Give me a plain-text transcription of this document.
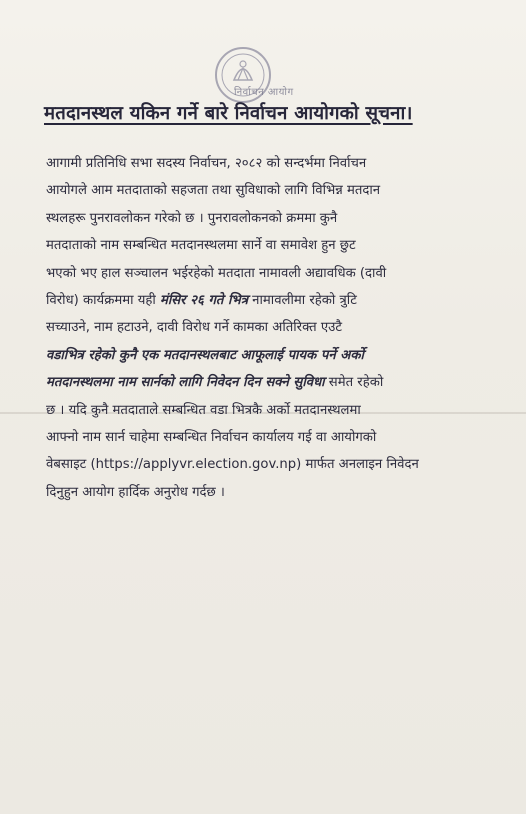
निर्वाचन आयोग
मतदानस्थल यकिन गर्ने बारे निर्वाचन आयोगको सूचना।
आगामी प्रतिनिधि सभा सदस्य निर्वाचन, २०८२ को सन्दर्भमा निर्वाचन
आयोगले आम मतदाताको सहजता तथा सुविधाको लागि विभिन्न मतदान
स्थलहरू पुनरावलोकन गरेको छ । पुनरावलोकनको क्रममा कुनै
मतदाताको नाम सम्बन्धित मतदानस्थलमा सार्ने वा समावेश हुन छुट
भएको भए हाल सञ्चालन भईरहेको मतदाता नामावली अद्यावधिक (दावी
विरोध) कार्यक्रममा यही मंसिर २६ गते भित्र नामावलीमा रहेको त्रुटि
सच्याउने, नाम हटाउने, दावी विरोध गर्ने कामका अतिरिक्त एउटै
वडाभित्र रहेको कुनै एक मतदानस्थलबाट आफूलाई पायक पर्ने अर्को
मतदानस्थलमा नाम सार्नको लागि निवेदन दिन सक्ने सुविधा समेत रहेको
छ । यदि कुनै मतदाताले सम्बन्धित वडा भित्रकै अर्को मतदानस्थलमा
आफ्नो नाम सार्न चाहेमा सम्बन्धित निर्वाचन कार्यालय गई वा आयोगको
वेबसाइट (https://applyvr.election.gov.np) मार्फत अनलाइन निवेदन
दिनुहुन आयोग हार्दिक अनुरोध गर्दछ ।
